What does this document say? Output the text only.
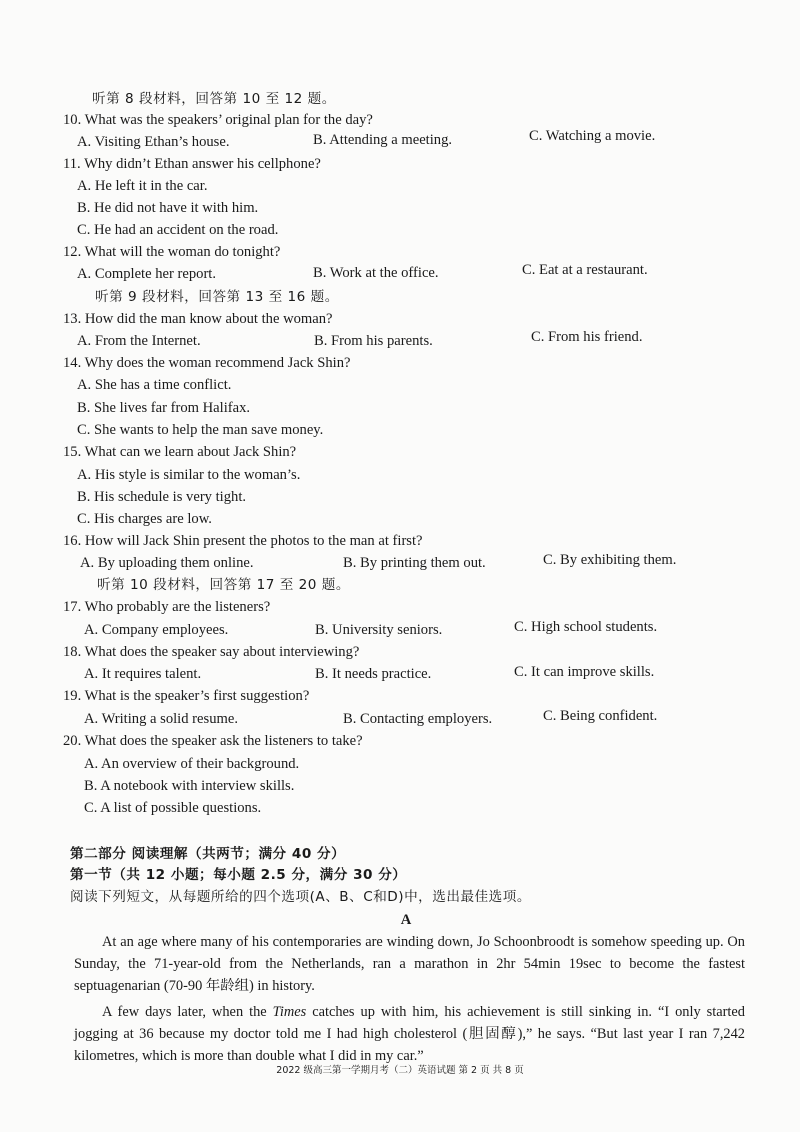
听第 8 段材料，回答第 10 至 12 题。
10. What was the speakers’ original plan for the day?
A. Visiting Ethan’s house.	B. Attending a meeting.	C. Watching a movie.
11. Why didn’t Ethan answer his cellphone?
A. He left it in the car.
B. He did not have it with him.
C. He had an accident on the road.
12. What will the woman do tonight?
A. Complete her report.	B. Work at the office.	C. Eat at a restaurant.
听第 9 段材料，回答第 13 至 16 题。
13. How did the man know about the woman?
A. From the Internet.	B. From his parents.	C. From his friend.
14. Why does the woman recommend Jack Shin?
A. She has a time conflict.
B. She lives far from Halifax.
C. She wants to help the man save money.
15. What can we learn about Jack Shin?
A. His style is similar to the woman’s.
B. His schedule is very tight.
C. His charges are low.
16. How will Jack Shin present the photos to the man at first?
A. By uploading them online.	B. By printing them out.	C. By exhibiting them.
听第 10 段材料，回答第 17 至 20 题。
17. Who probably are the listeners?
A. Company employees.	B. University seniors.	C. High school students.
18. What does the speaker say about interviewing?
A. It requires talent.	B. It needs practice.	C. It can improve skills.
19. What is the speaker’s first suggestion?
A. Writing a solid resume.	B. Contacting employers.	C. Being confident.
20. What does the speaker ask the listeners to take?
A. An overview of their background.
B. A notebook with interview skills.
C. A list of possible questions.
第二部分 阅读理解（共两节；满分 40 分）
第一节（共 12 小题；每小题 2.5 分，满分 30 分）
阅读下列短文，从每题所给的四个选项(A、B、C和D)中，选出最佳选项。
A
At an age where many of his contemporaries are winding down, Jo Schoonbroodt is somehow speeding up. On Sunday, the 71-year-old from the Netherlands, ran a marathon in 2hr 54min 19sec to become the fastest septuagenarian (70-90 年龄组) in history.
A few days later, when the Times catches up with him, his achievement is still sinking in. “I only started jogging at 36 because my doctor told me I had high cholesterol (胆固醇),” he says. “But last year I ran 7,242 kilometres, which is more than double what I did in my car.”
2022 级高三第一学期月考（二）英语试题 第 2 页 共 8 页
